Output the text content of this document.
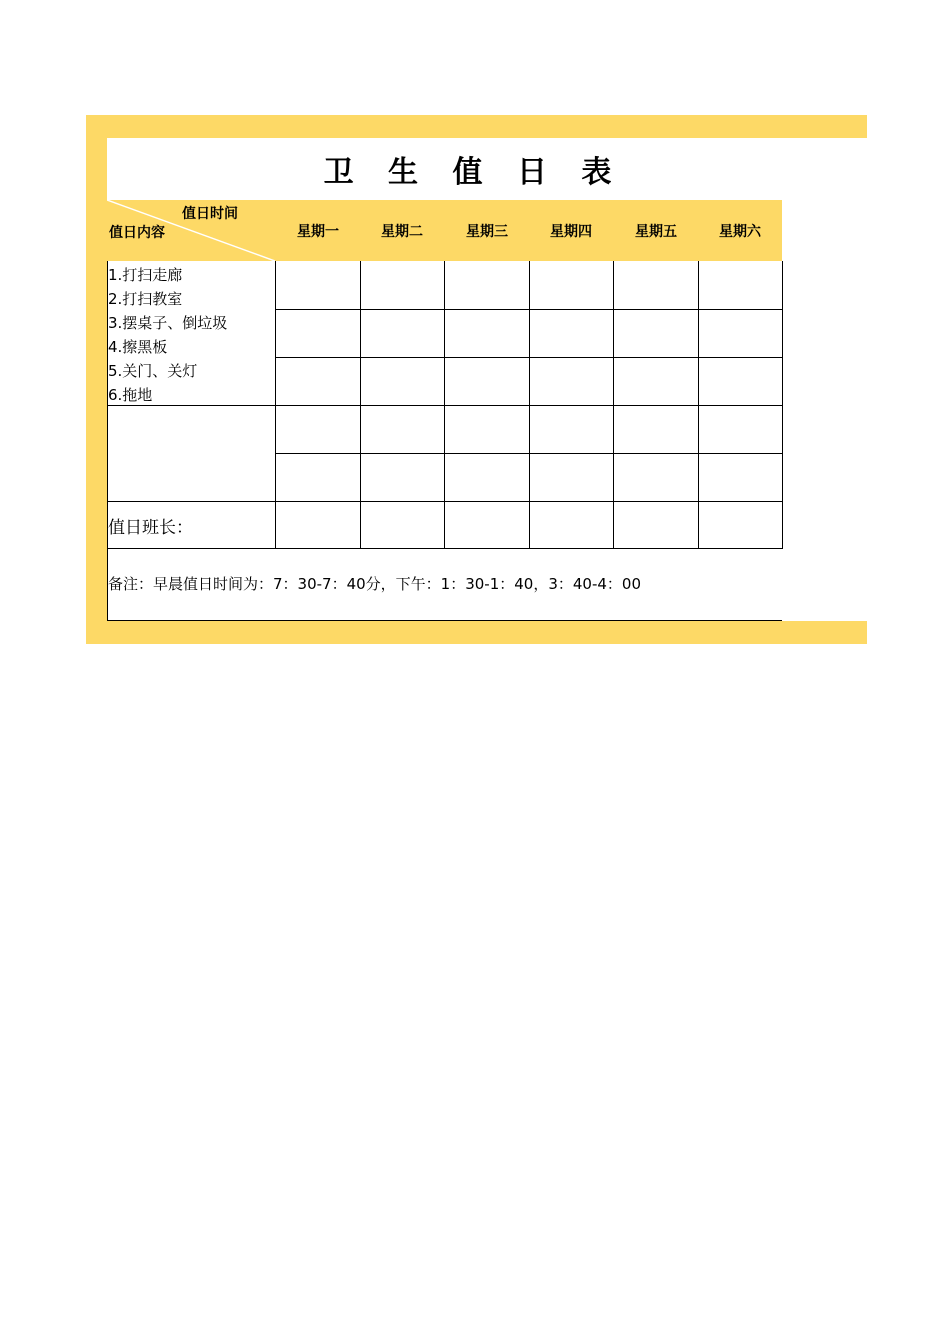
卫 生 值 日 表
值日时间
值日内容	星期一	星期二	星期三	星期四	星期五	星期六
1.打扫走廊
2.打扫教室
3.摆桌子、倒垃圾
4.擦黑板
5.关门、关灯
6.拖地
值日班长：
备注：早晨值日时间为：7：30-7：40分，下午：1：30-1：40，3：40-4：00
